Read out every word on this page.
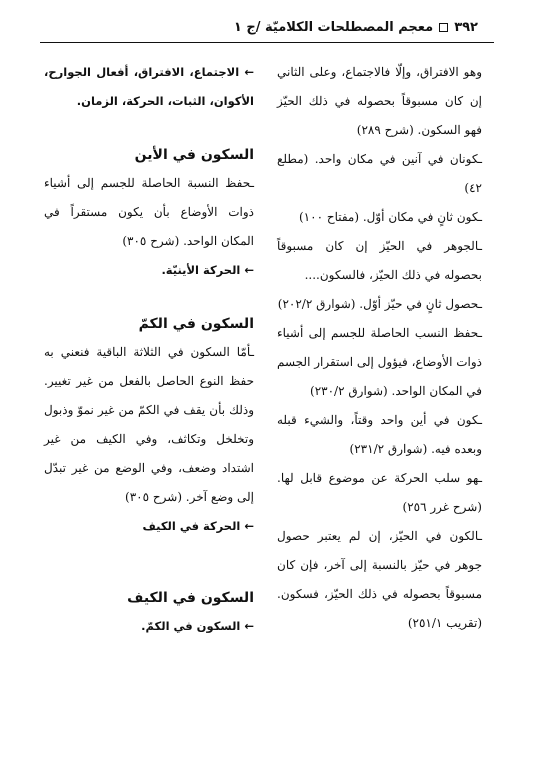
٣٩٢
معجم المصطلحات الكلاميّة /ج ١

وهو الافتراق، وإلّا فالاجتماع، وعلى الثاني إن كان مسبوقاً بحصوله في ذلك الحيّز فهو السكون. (شرح ٢٨٩)

ـكونان في آنين في مكان واحد. (مطلع ٤٢)

ـكون ثانٍ في مكان أوّل. (مفتاح ١٠٠)

ـالجوهر في الحيّز إن كان مسبوقاً بحصوله في ذلك الحيّز، فالسكون....

ـحصول ثانٍ في حيّز أوّل. (شوارق ٢٠٢/٢)

ـحفظ النسب الحاصلة للجسم إلى أشياء ذوات الأوضاع، فيؤول إلى استقرار الجسم في المكان الواحد. (شوارق ٢٣٠/٢)

ـكون في أين واحد وقتاً، والشيء قبله وبعده فيه. (شوارق ٢٣١/٢)

ـهو سلب الحركة عن موضوع قابل لها. (شرح غرر ٢٥٦)

ـالكون في الحيّز، إن لم يعتبر حصول جوهر في حيّز بالنسبة إلى آخر، فإن كان مسبوقاً بحصوله في ذلك الحيّز، فسكون. (تقريب ٢٥١/١)

← الاجتماع، الافتراق، أفعال الجوارح، الأكوان، الثبات، الحركة، الزمان.

السكون في الأين

ـحفظ النسبة الحاصلة للجسم إلى أشياء ذوات الأوضاع بأن يكون مستقراً في المكان الواحد. (شرح ٣٠٥)

← الحركة الأينيّة.

السكون في الكمّ

ـأمّا السكون في الثلاثة الباقية فنعني به حفظ النوع الحاصل بالفعل من غير تغيير. وذلك بأن يقف في الكمّ من غير نموّ وذبول وتخلخل وتكاثف، وفي الكيف من غير اشتداد وضعف، وفي الوضع من غير تبدّل إلى وضع آخر. (شرح ٣٠٥)

← الحركة في الكيف

السكون في الكيف

← السكون في الكمّ.
